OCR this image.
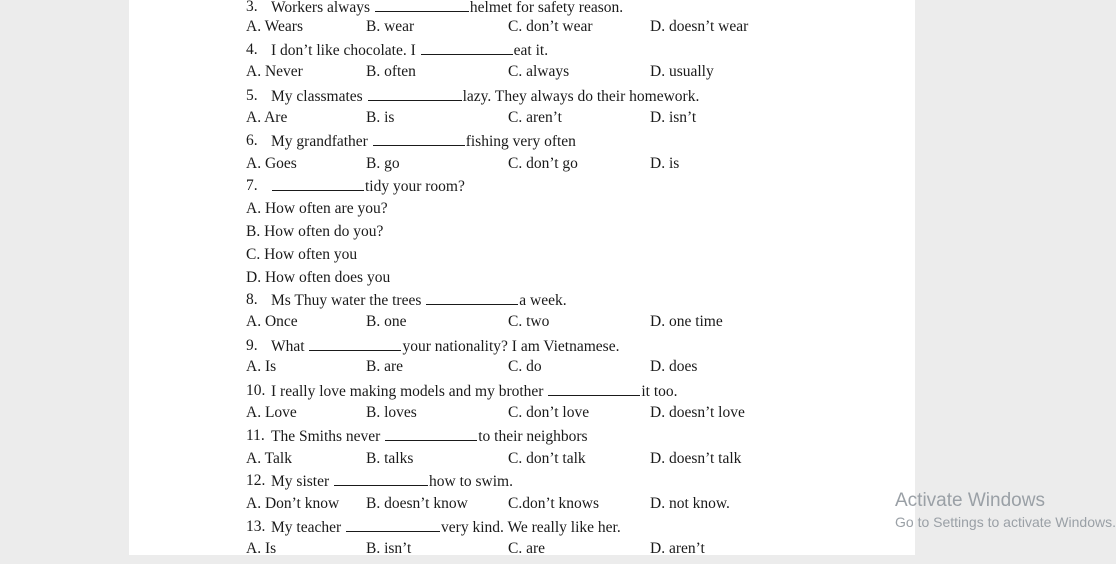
3. Workers always	helmet for safety reason.
A. Wears	B. wear	C. don’t wear	D. doesn’t wear
4. I don’t like chocolate. I	eat it.
A. Never	B. often	C. always	D. usually
5. My classmates	lazy. They always do their homework.
A. Are	B. is	C. aren’t	D. isn’t
6. My grandfather	fishing very often
A. Goes	B. go	C. don’t go	D. is
7.	tidy your room?
A. How often are you?
B. How often do you?
C. How often you
D. How often does you
8. Ms Thuy water the trees	a week.
A. Once	B. one	C. two	D. one time
9. What	your nationality? I am Vietnamese.
A. Is	B. are	C. do	D. does
10. I really love making models and my brother	it too.
A. Love	B. loves	C. don’t love	D. doesn’t love
11. The Smiths never	to their neighbors
A. Talk	B. talks	C. don’t talk	D. doesn’t talk
12. My sister	how to swim.
A. Don’t know B. doesn’t know	C.don’t knows	D. not know.
13. My teacher	very kind. We really like her.
A. Is	B. isn’t	C. are	D. aren’t
Activate Windows
Go to Settings to activate Windows.
